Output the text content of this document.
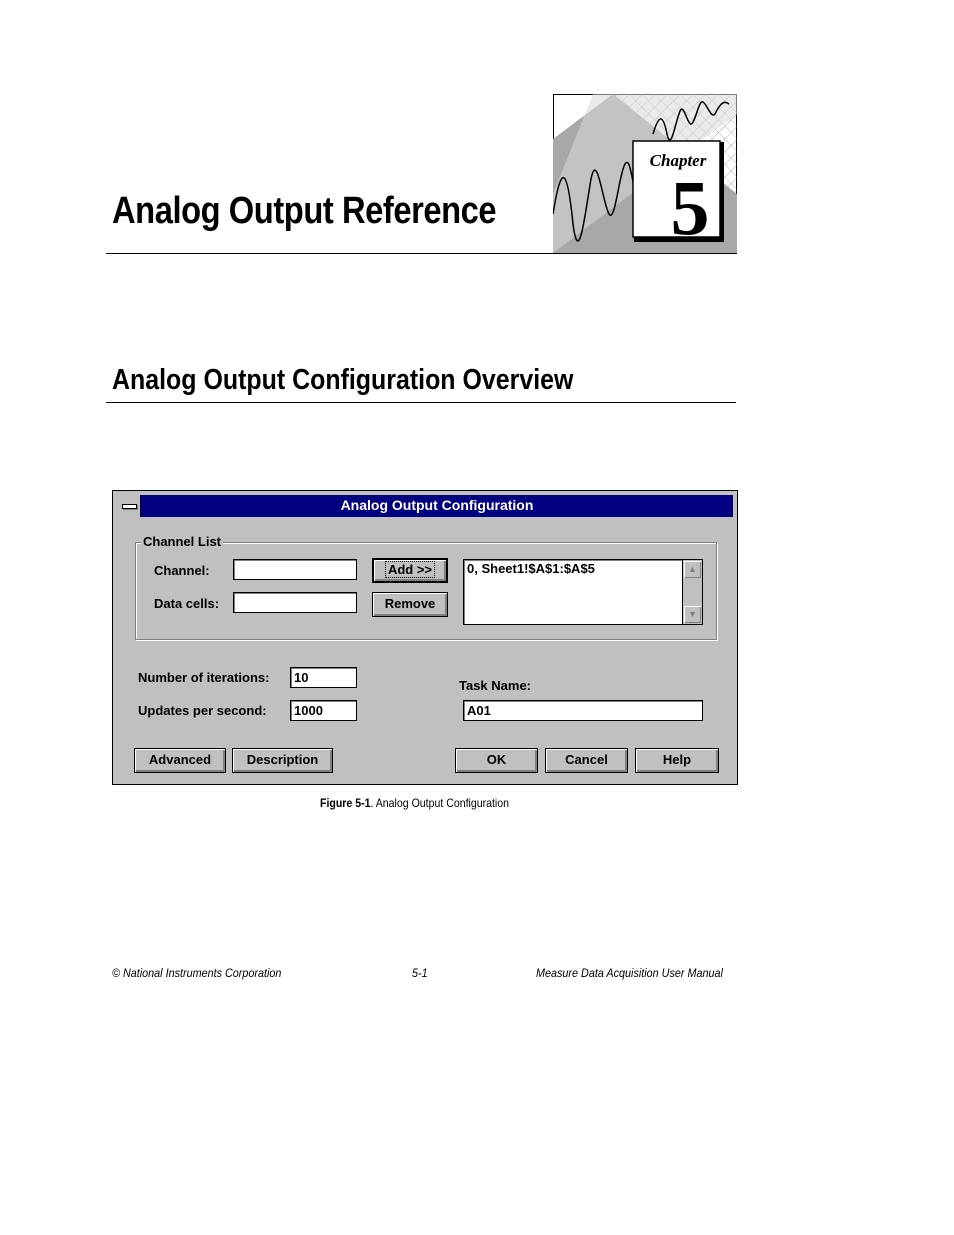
Chapter
5
Analog Output Reference
Analog Output Configuration Overview
Analog Output Configuration
Channel List
Channel:
Data cells:
Add >>
Remove
0, Sheet1!$A$1:$A$5	▲
▼
Number of iterations:	10
Updates per second:	1000
Task Name:
A01
Advanced	Description	OK	Cancel	Help
Figure 5-1. Analog Output Configuration
© National Instruments Corporation	5-1	Measure Data Acquisition User Manual
